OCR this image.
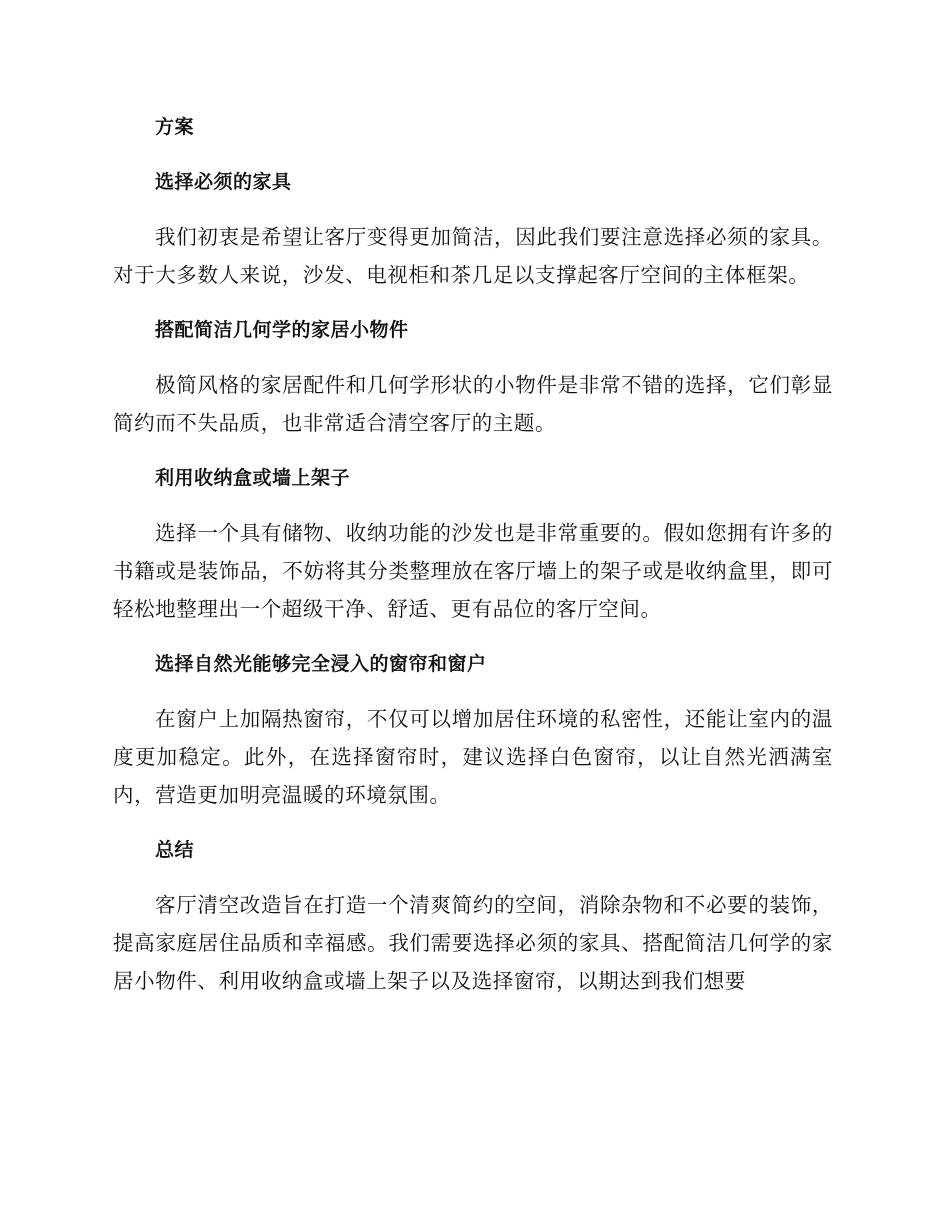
方案
选择必须的家具

我们初衷是希望让客厅变得更加简洁，因此我们要注意选择必须的家具。对于大多数人来说，沙发、电视柜和茶几足以支撑起客厅空间的主体框架。

搭配简洁几何学的家居小物件

极简风格的家居配件和几何学形状的小物件是非常不错的选择，它们彰显简约而不失品质，也非常适合清空客厅的主题。

利用收纳盒或墙上架子

选择一个具有储物、收纳功能的沙发也是非常重要的。假如您拥有许多的书籍或是装饰品，不妨将其分类整理放在客厅墙上的架子或是收纳盒里，即可轻松地整理出一个超级干净、舒适、更有品位的客厅空间。

选择自然光能够完全浸入的窗帘和窗户

在窗户上加隔热窗帘，不仅可以增加居住环境的私密性，还能让室内的温度更加稳定。此外，在选择窗帘时，建议选择白色窗帘，以让自然光洒满室内，营造更加明亮温暖的环境氛围。

总结

客厅清空改造旨在打造一个清爽简约的空间，消除杂物和不必要的装饰，提高家庭居住品质和幸福感。我们需要选择必须的家具、搭配简洁几何学的家居小物件、利用收纳盒或墙上架子以及选择窗帘，以期达到我们想要
